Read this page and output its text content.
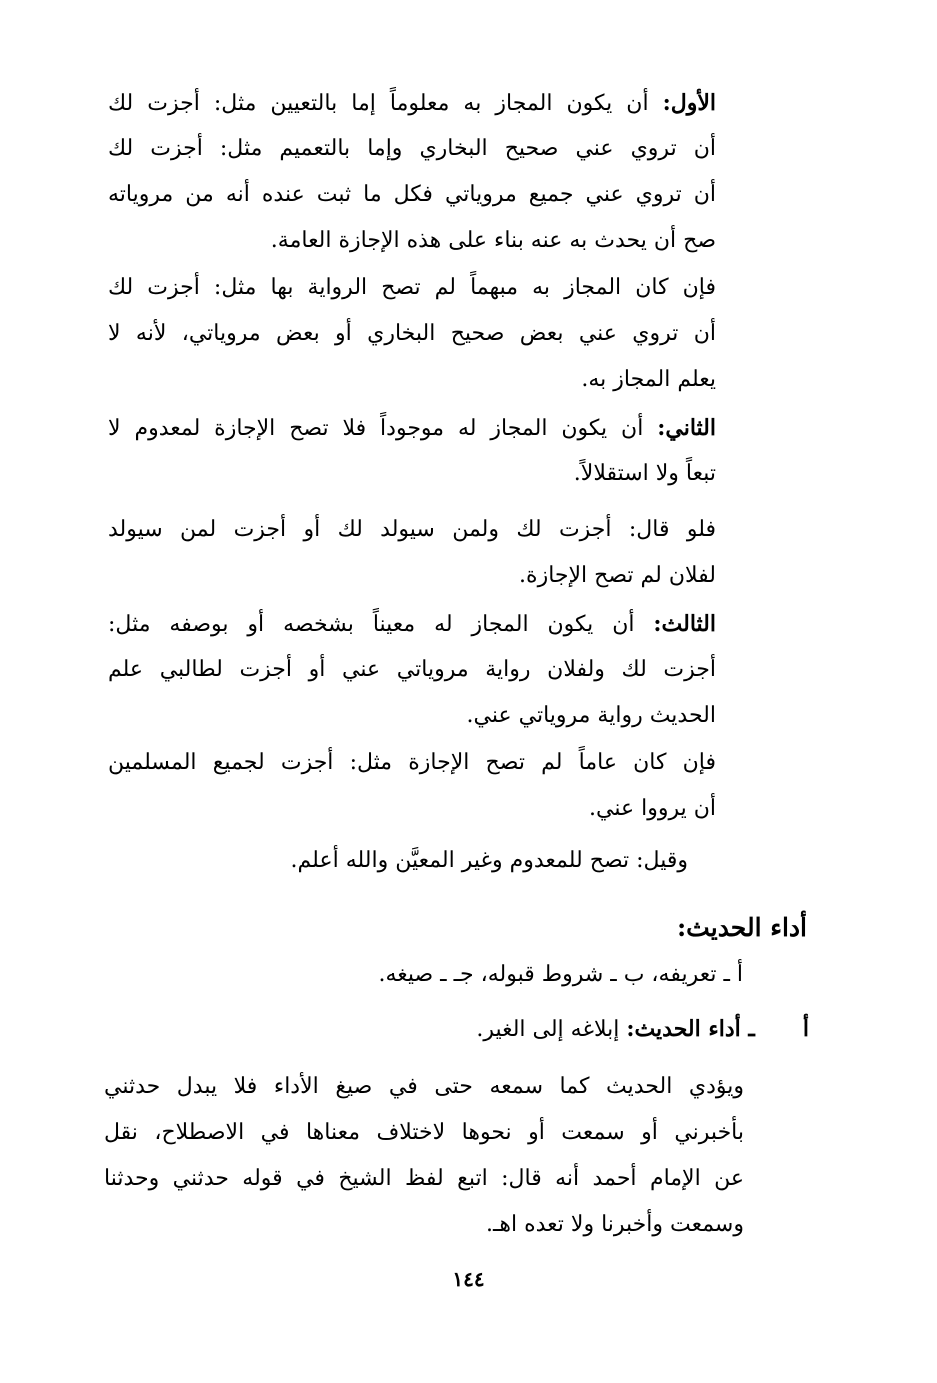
الأول: أن يكون المجاز به معلوماً إما بالتعيين مثل: أجزت لك
أن تروي عني صحيح البخاري وإما بالتعميم مثل: أجزت لك
أن تروي عني جميع مروياتي فكل ما ثبت عنده أنه من مروياته
صح أن يحدث به عنه بناء على هذه الإجازة العامة.
فإن كان المجاز به مبهماً لم تصح الرواية بها مثل: أجزت لك
أن تروي عني بعض صحيح البخاري أو بعض مروياتي، لأنه لا
يعلم المجاز به.
الثاني: أن يكون المجاز له موجوداً فلا تصح الإجازة لمعدوم لا
تبعاً ولا استقلالاً.
فلو قال: أجزت لك ولمن سيولد لك أو أجزت لمن سيولد
لفلان لم تصح الإجازة.
الثالث: أن يكون المجاز له معيناً بشخصه أو بوصفه مثل:
أجزت لك ولفلان رواية مروياتي عني أو أجزت لطالبي علم
الحديث رواية مروياتي عني.
فإن كان عاماً لم تصح الإجازة مثل: أجزت لجميع المسلمين
أن يرووا عني.
وقيل: تصح للمعدوم وغير المعيَّن والله أعلم.
أداء الحديث:
أ ـ تعريفه، ب ـ شروط قبوله، جـ ـ صيغه.
أ  ـ أداء الحديث: إبلاغه إلى الغير.
ويؤدي الحديث كما سمعه حتى في صيغ الأداء فلا يبدل حدثني
بأخبرني أو سمعت أو نحوها لاختلاف معناها في الاصطلاح، نقل
عن الإمام أحمد أنه قال: اتبع لفظ الشيخ في قوله حدثني وحدثنا
وسمعت وأخبرنا ولا تعده اهـ.
١٤٤
